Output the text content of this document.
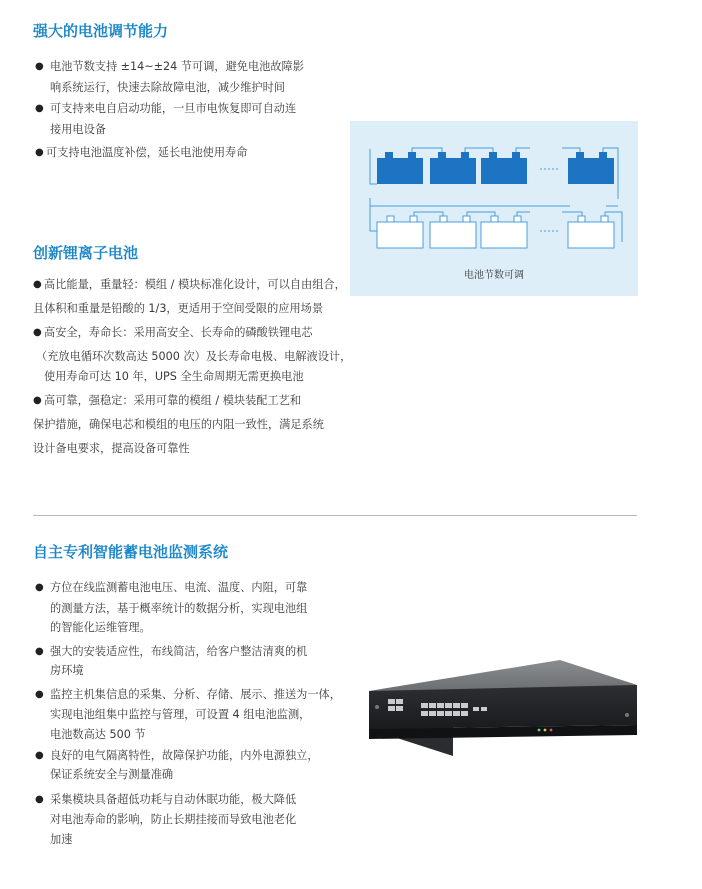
强大的电池调节能力
● 电池节数支持 ±14~±24 节可调，避免电池故障影

响系统运行，快速去除故障电池，减少维护时间

● 可支持来电自启动功能，一旦市电恢复即可自动连

接用电设备

● 可支持电池温度补偿，延长电池使用寿命

电池节数可调
创新锂离子电池
● 高比能量，重量轻：模组 / 模块标准化设计，可以自由组合，

且体积和重量是铅酸的 1/3，更适用于空间受限的应用场景

● 高安全，寿命长：采用高安全、长寿命的磷酸铁锂电芯

（充放电循环次数高达 5000 次）及长寿命电极、电解液设计，

使用寿命可达 10 年，UPS 全生命周期无需更换电池

● 高可靠，强稳定：采用可靠的模组 / 模块装配工艺和

保护措施，确保电芯和模组的电压的内阻一致性，满足系统

设计备电要求，提高设备可靠性

自主专利智能蓄电池监测系统
● 方位在线监测蓄电池电压、电流、温度、内阻，可靠

的测量方法，基于概率统计的数据分析，实现电池组

的智能化运维管理。

● 强大的安装适应性，布线简洁，给客户整洁清爽的机

房环境

● 监控主机集信息的采集、分析、存储、展示、推送为一体，

实现电池组集中监控与管理，可设置 4 组电池监测，

电池数高达 500 节

● 良好的电气隔离特性，故障保护功能，内外电源独立，

保证系统安全与测量准确

● 采集模块具备超低功耗与自动休眠功能，极大降低

对电池寿命的影响，防止长期挂接而导致电池老化

加速
